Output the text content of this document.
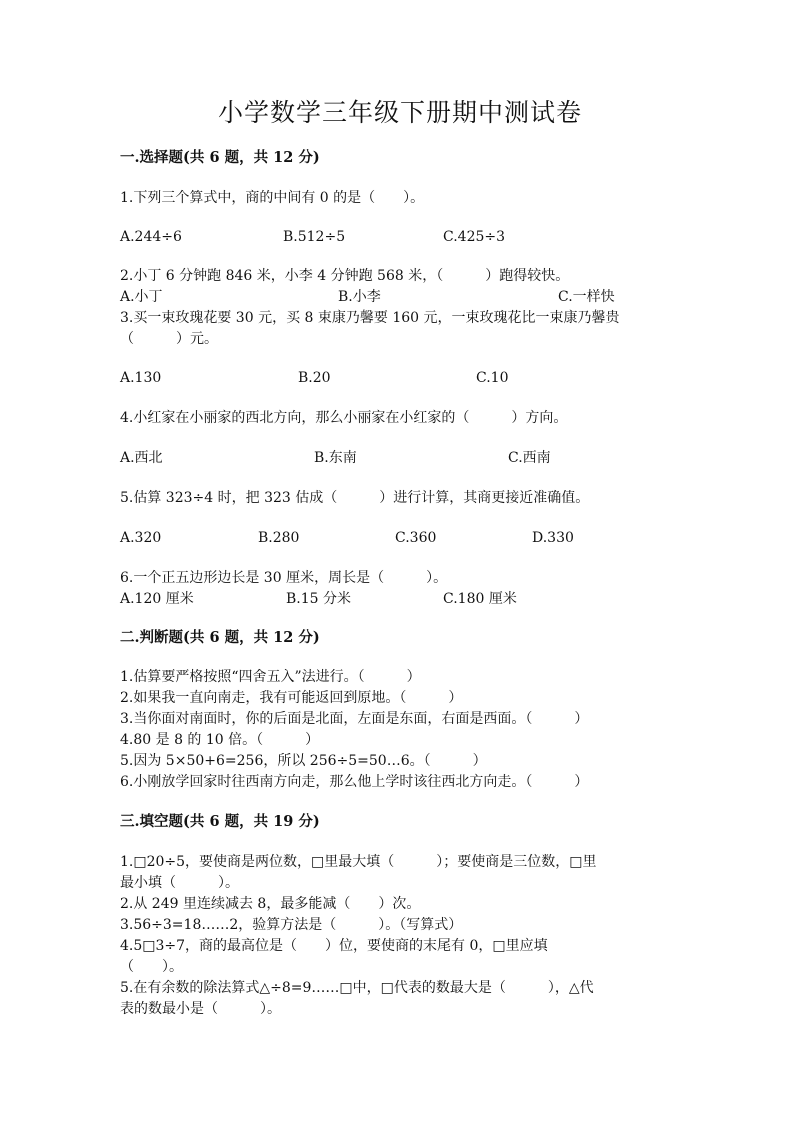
小学数学三年级下册期中测试卷
一.选择题(共 6 题，共 12 分)
1.下列三个算式中，商的中间有 0 的是（　　）。
A.244÷6	B.512÷5	C.425÷3
2.小丁 6 分钟跑 846 米，小李 4 分钟跑 568 米，（　　　）跑得较快。
A.小丁	B.小李	C.一样快
3.买一束玫瑰花要 30 元，买 8 束康乃馨要 160 元，一束玫瑰花比一束康乃馨贵
（　　　）元。
A.130	B.20	C.10
4.小红家在小丽家的西北方向，那么小丽家在小红家的（　　　）方向。
A.西北	B.东南	C.西南
5.估算 323÷4 时，把 323 估成（　　　）进行计算，其商更接近准确值。
A.320	B.280	C.360	D.330
6.一个正五边形边长是 30 厘米，周长是（　　　）。
A.120 厘米	B.15 分米	C.180 厘米
二.判断题(共 6 题，共 12 分)
1.估算要严格按照“四舍五入”法进行。（　　　）
2.如果我一直向南走，我有可能返回到原地。（　　　）
3.当你面对南面时，你的后面是北面，左面是东面，右面是西面。（　　　）
4.80 是 8 的 10 倍。（　　　）
5.因为 5×50+6=256，所以 256÷5=50…6。（　　　）
6.小刚放学回家时往西南方向走，那么他上学时该往西北方向走。（　　　）
三.填空题(共 6 题，共 19 分)
1.□20÷5，要使商是两位数，□里最大填（　　　）；要使商是三位数，□里
最小填（　　　）。
2.从 249 里连续减去 8，最多能减（　　）次。
3.56÷3=18……2，验算方法是（　　　）。（写算式）
4.5□3÷7，商的最高位是（　　）位，要使商的末尾有 0，□里应填
（　　）。
5.在有余数的除法算式△÷8=9……□中，□代表的数最大是（　　　），△代
表的数最小是（　　　）。
